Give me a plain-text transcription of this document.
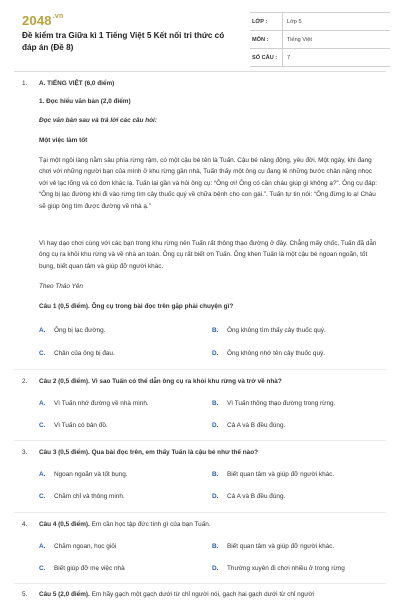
$2048^{.vn}$
Đề kiểm tra Giữa kì 1 Tiếng Việt 5 Kết nối tri thức có đáp án (Đề 8)
LỚP :	Lớp 5
MÔN :	Tiếng Việt
SỐ CÂU :	7
1. A. TIẾNG VIỆT (6,0 điểm)
1. Đọc hiểu văn bản (2,0 điểm)
Đọc văn bản sau và trả lời các câu hỏi:
Một việc làm tốt
Tại một ngôi làng nằm sâu phía rừng rậm, có một cậu bé tên là Tuấn. Cậu bé năng động, yêu đời. Một ngày, khi đang chơi với những người bạn của mình ở khu rừng gần nhà, Tuấn thấy một ông cụ đang lẻ những bước chân nặng nhọc với vẻ lạc lõng và có đơn khác lạ. Tuấn lại gần và hỏi ông cụ: “Ông ơi! Ông có cần cháu giúp gì không ạ?”. Ông cụ đáp: “Ông bị lạc đường khi đi vào rừng tìm cây thuốc quý về chữa bệnh cho con gái.”. Tuấn tự tin nói: “Ông đừng lo ạ! Cháu sẽ giúp ông tìm được đường về nhà ạ.”
Vì hay dạo chơi cùng với các bạn trong khu rừng nên Tuấn rất thông thạo đường ở đây. Chẳng mấy chốc, Tuấn đã dẫn ông cụ ra khỏi khu rừng và về nhà an toàn. Ông cụ rất biết ơn Tuấn. Ông khen Tuấn là một cậu bé ngoan ngoãn, tốt bụng, biết quan tâm và giúp đỡ người khác.
Theo Thảo Yên
Câu 1 (0,5 điểm). Ông cụ trong bài đọc trên gặp phải chuyện gì?
A. Ông bị lạc đường.	B. Ông không tìm thấy cây thuốc quý.
C. Chân của ông bị đau.	D. Ông không nhớ tên cây thuốc quý.
2. Câu 2 (0,5 điểm). Vì sao Tuấn có thể dẫn ông cụ ra khỏi khu rừng và trở về nhà?
A. Vì Tuấn nhớ đường về nhà mình.	B. Vì Tuấn thông thạo đường trong rừng.
C. Vì Tuấn có bản đồ.	D. Cả A và B đều đúng.
3. Câu 3 (0,5 điểm). Qua bài đọc trên, em thấy Tuấn là cậu bé như thế nào?
A. Ngoan ngoãn và tốt bụng.	B. Biết quan tâm và giúp đỡ người khác.
C. Chăm chỉ và thông minh.	D. Cả A và B đều đúng.
4. Câu 4 (0,5 điểm). Em cần học tập đức tính gì của bạn Tuấn.
A. Chăm ngoan, học giỏi	B. Biết quan tâm và giúp đỡ người khác.
C. Biết giúp đỡ mẹ việc nhà	D. Thường xuyên đi chơi nhiều ở trong rừng
5. Câu 5 (2,0 điểm). Em hãy gạch một gạch dưới từ chỉ người nói, gạch hai gạch dưới từ chỉ người
